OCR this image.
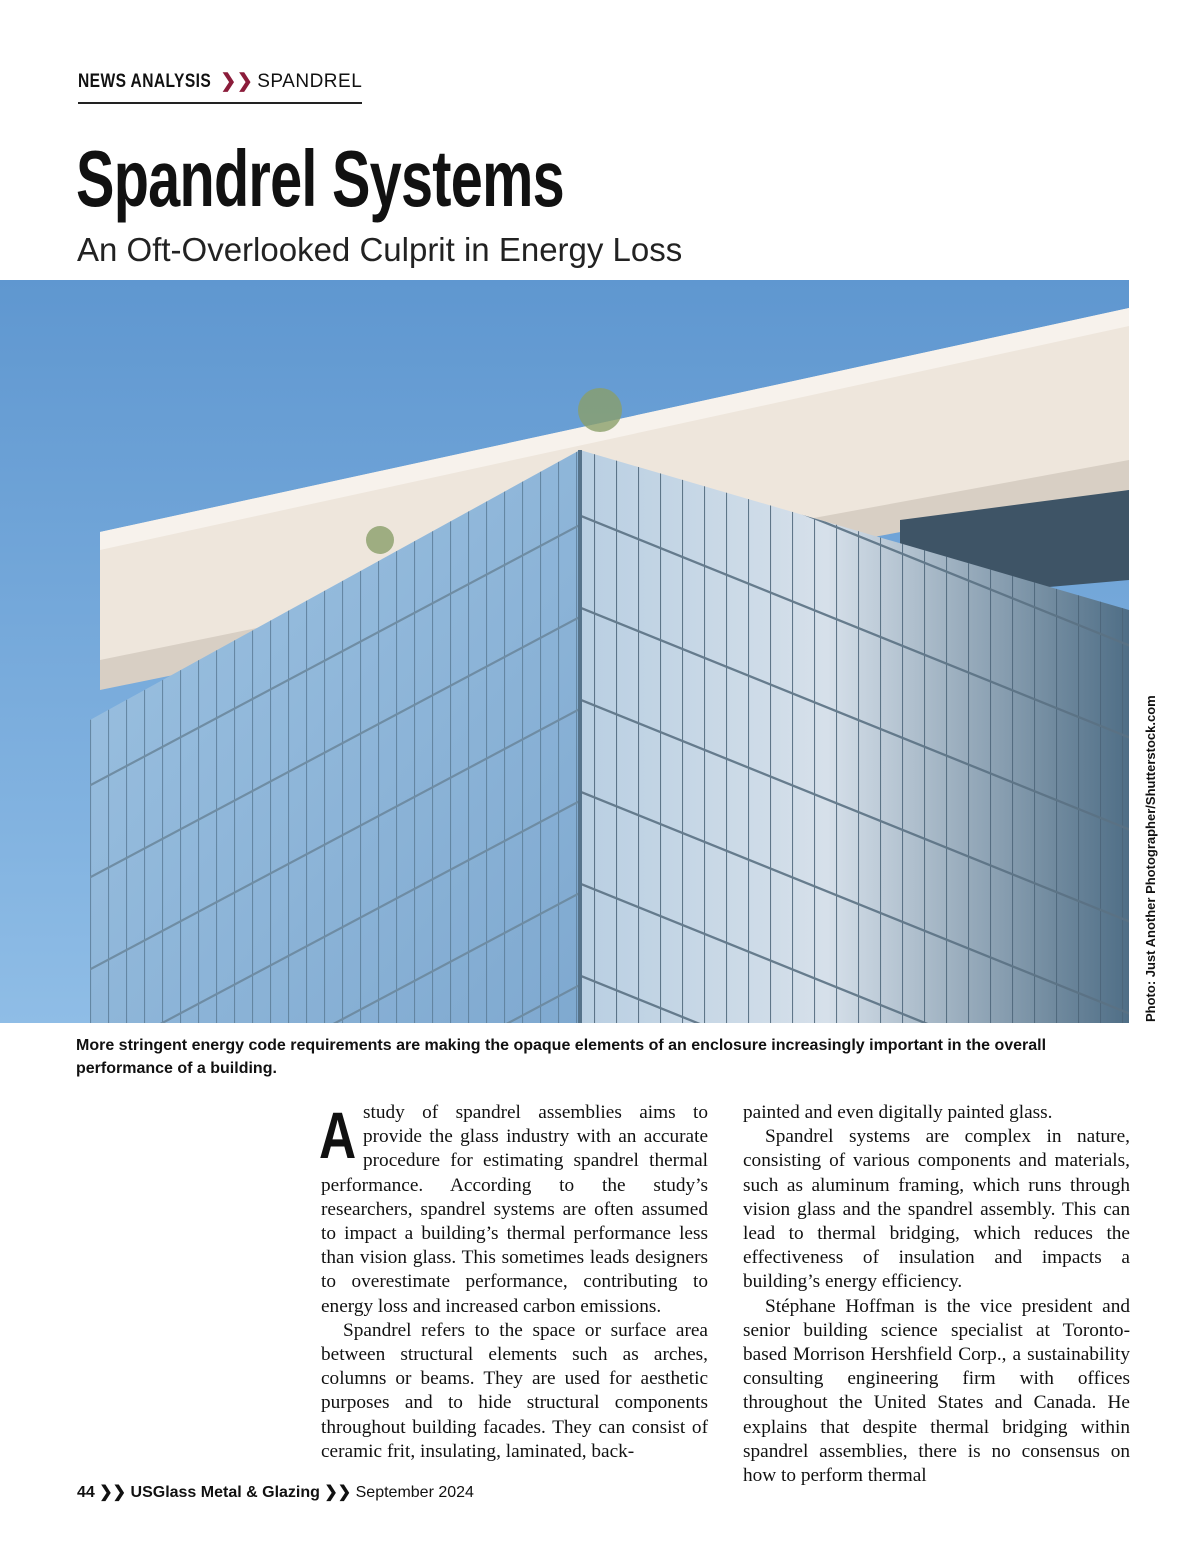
NEWS ANALYSIS ❯❯ SPANDREL
Spandrel Systems
An Oft-Overlooked Culprit in Energy Loss
Photo: Just Another Photographer/Shutterstock.com
More stringent energy code requirements are making the opaque elements of an enclosure increasingly important in the overall performance of a building.

Astudy of spandrel assemblies aims to provide the glass industry with an accurate procedure for estimating spandrel thermal performance. According to the study’s researchers, spandrel systems are often assumed to impact a building’s thermal performance less than vision glass. This sometimes leads designers to overestimate performance, contributing to energy loss and increased carbon emissions.

Spandrel refers to the space or surface area between structural elements such as arches, columns or beams. They are used for aesthetic purposes and to hide structural components throughout building facades. They can consist of ceramic frit, insulating, laminated, back-

painted and even digitally painted glass.

Spandrel systems are complex in nature, consisting of various components and materials, such as aluminum framing, which runs through vision glass and the spandrel assembly. This can lead to thermal bridging, which reduces the effectiveness of insulation and impacts a building’s energy efficiency.

Stéphane Hoffman is the vice president and senior building science specialist at Toronto-based Morrison Hershfield Corp., a sustainability consulting engineering firm with offices throughout the United States and Canada. He explains that despite thermal bridging within spandrel assemblies, there is no consensus on how to perform thermal

44 ❯❯ USGlass Metal & Glazing ❯❯ September 2024
